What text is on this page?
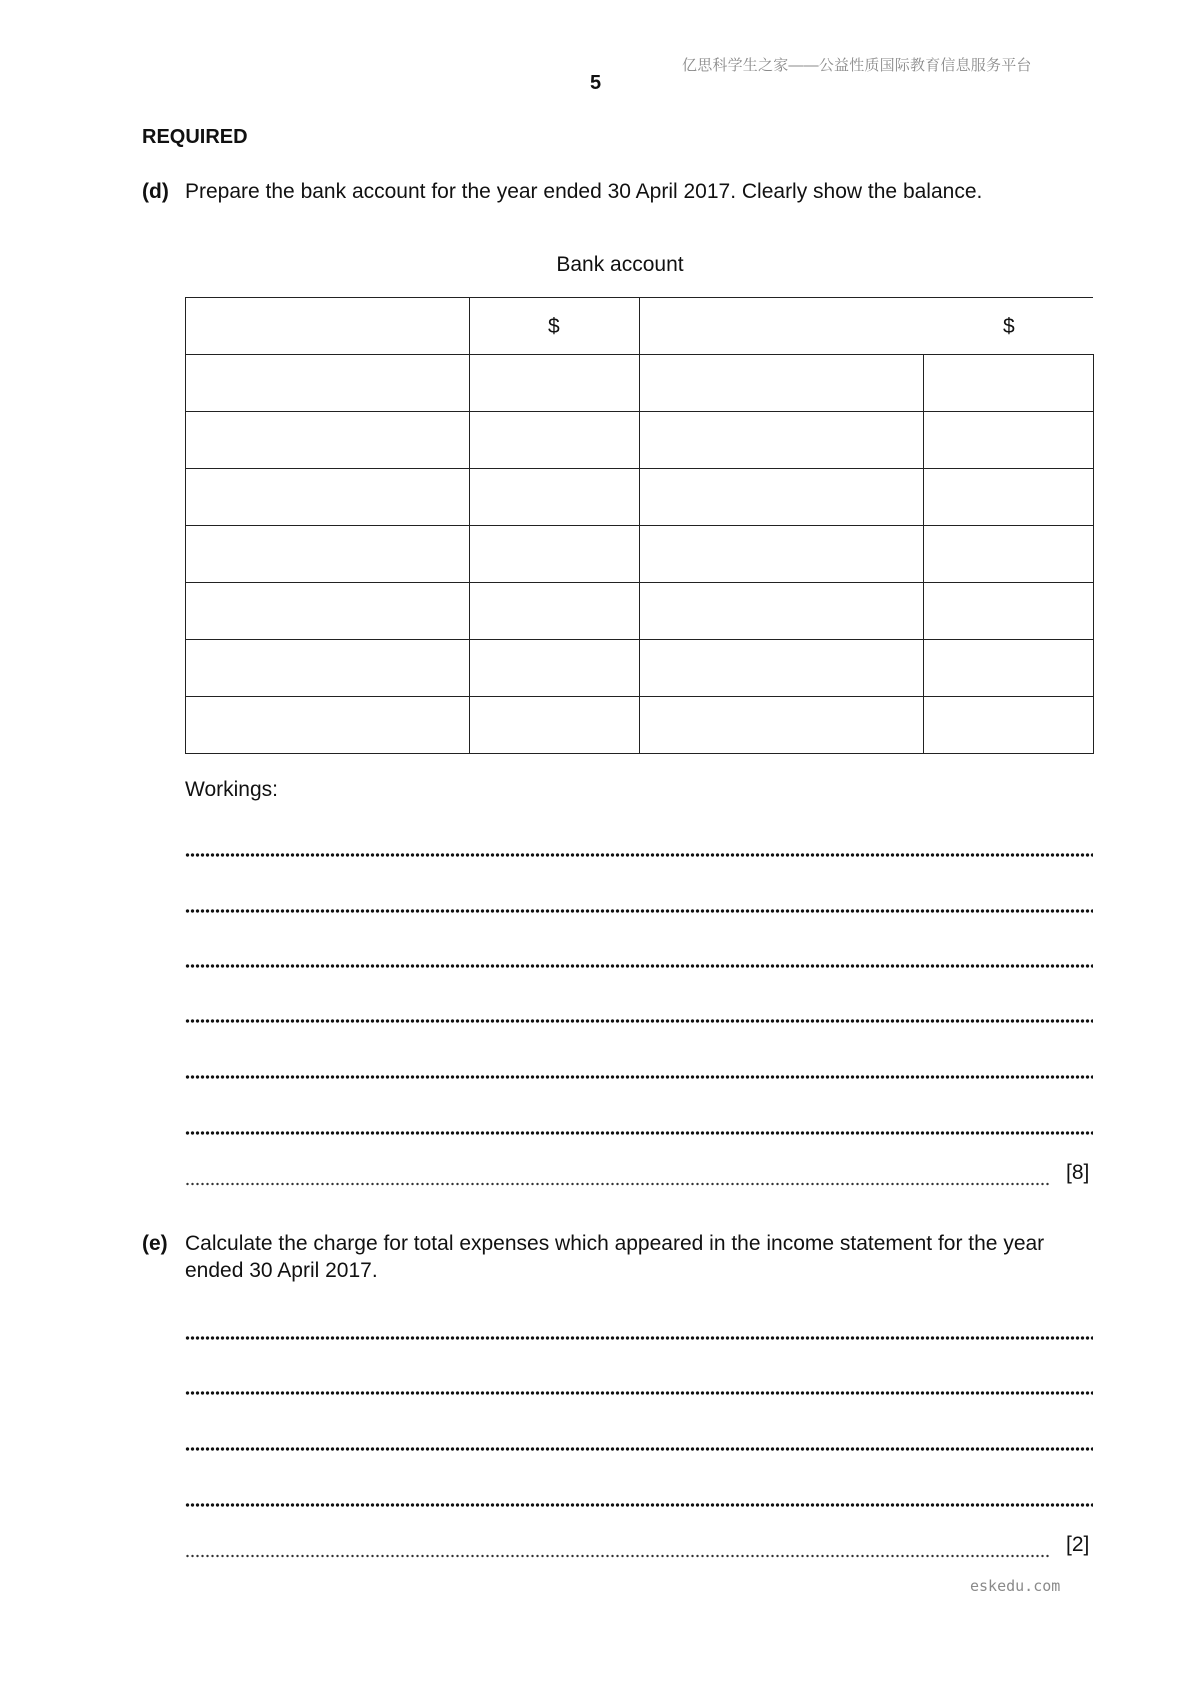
亿思科学生之家——公益性质国际教育信息服务平台
5
REQUIRED
(d) Prepare the bank account for the year ended 30 April 2017. Clearly show the balance.
Bank account
$	$
Workings:
[8]
(e) Calculate the charge for total expenses which appeared in the income statement for the year ended 30 April 2017.
[2]
eskedu.com
